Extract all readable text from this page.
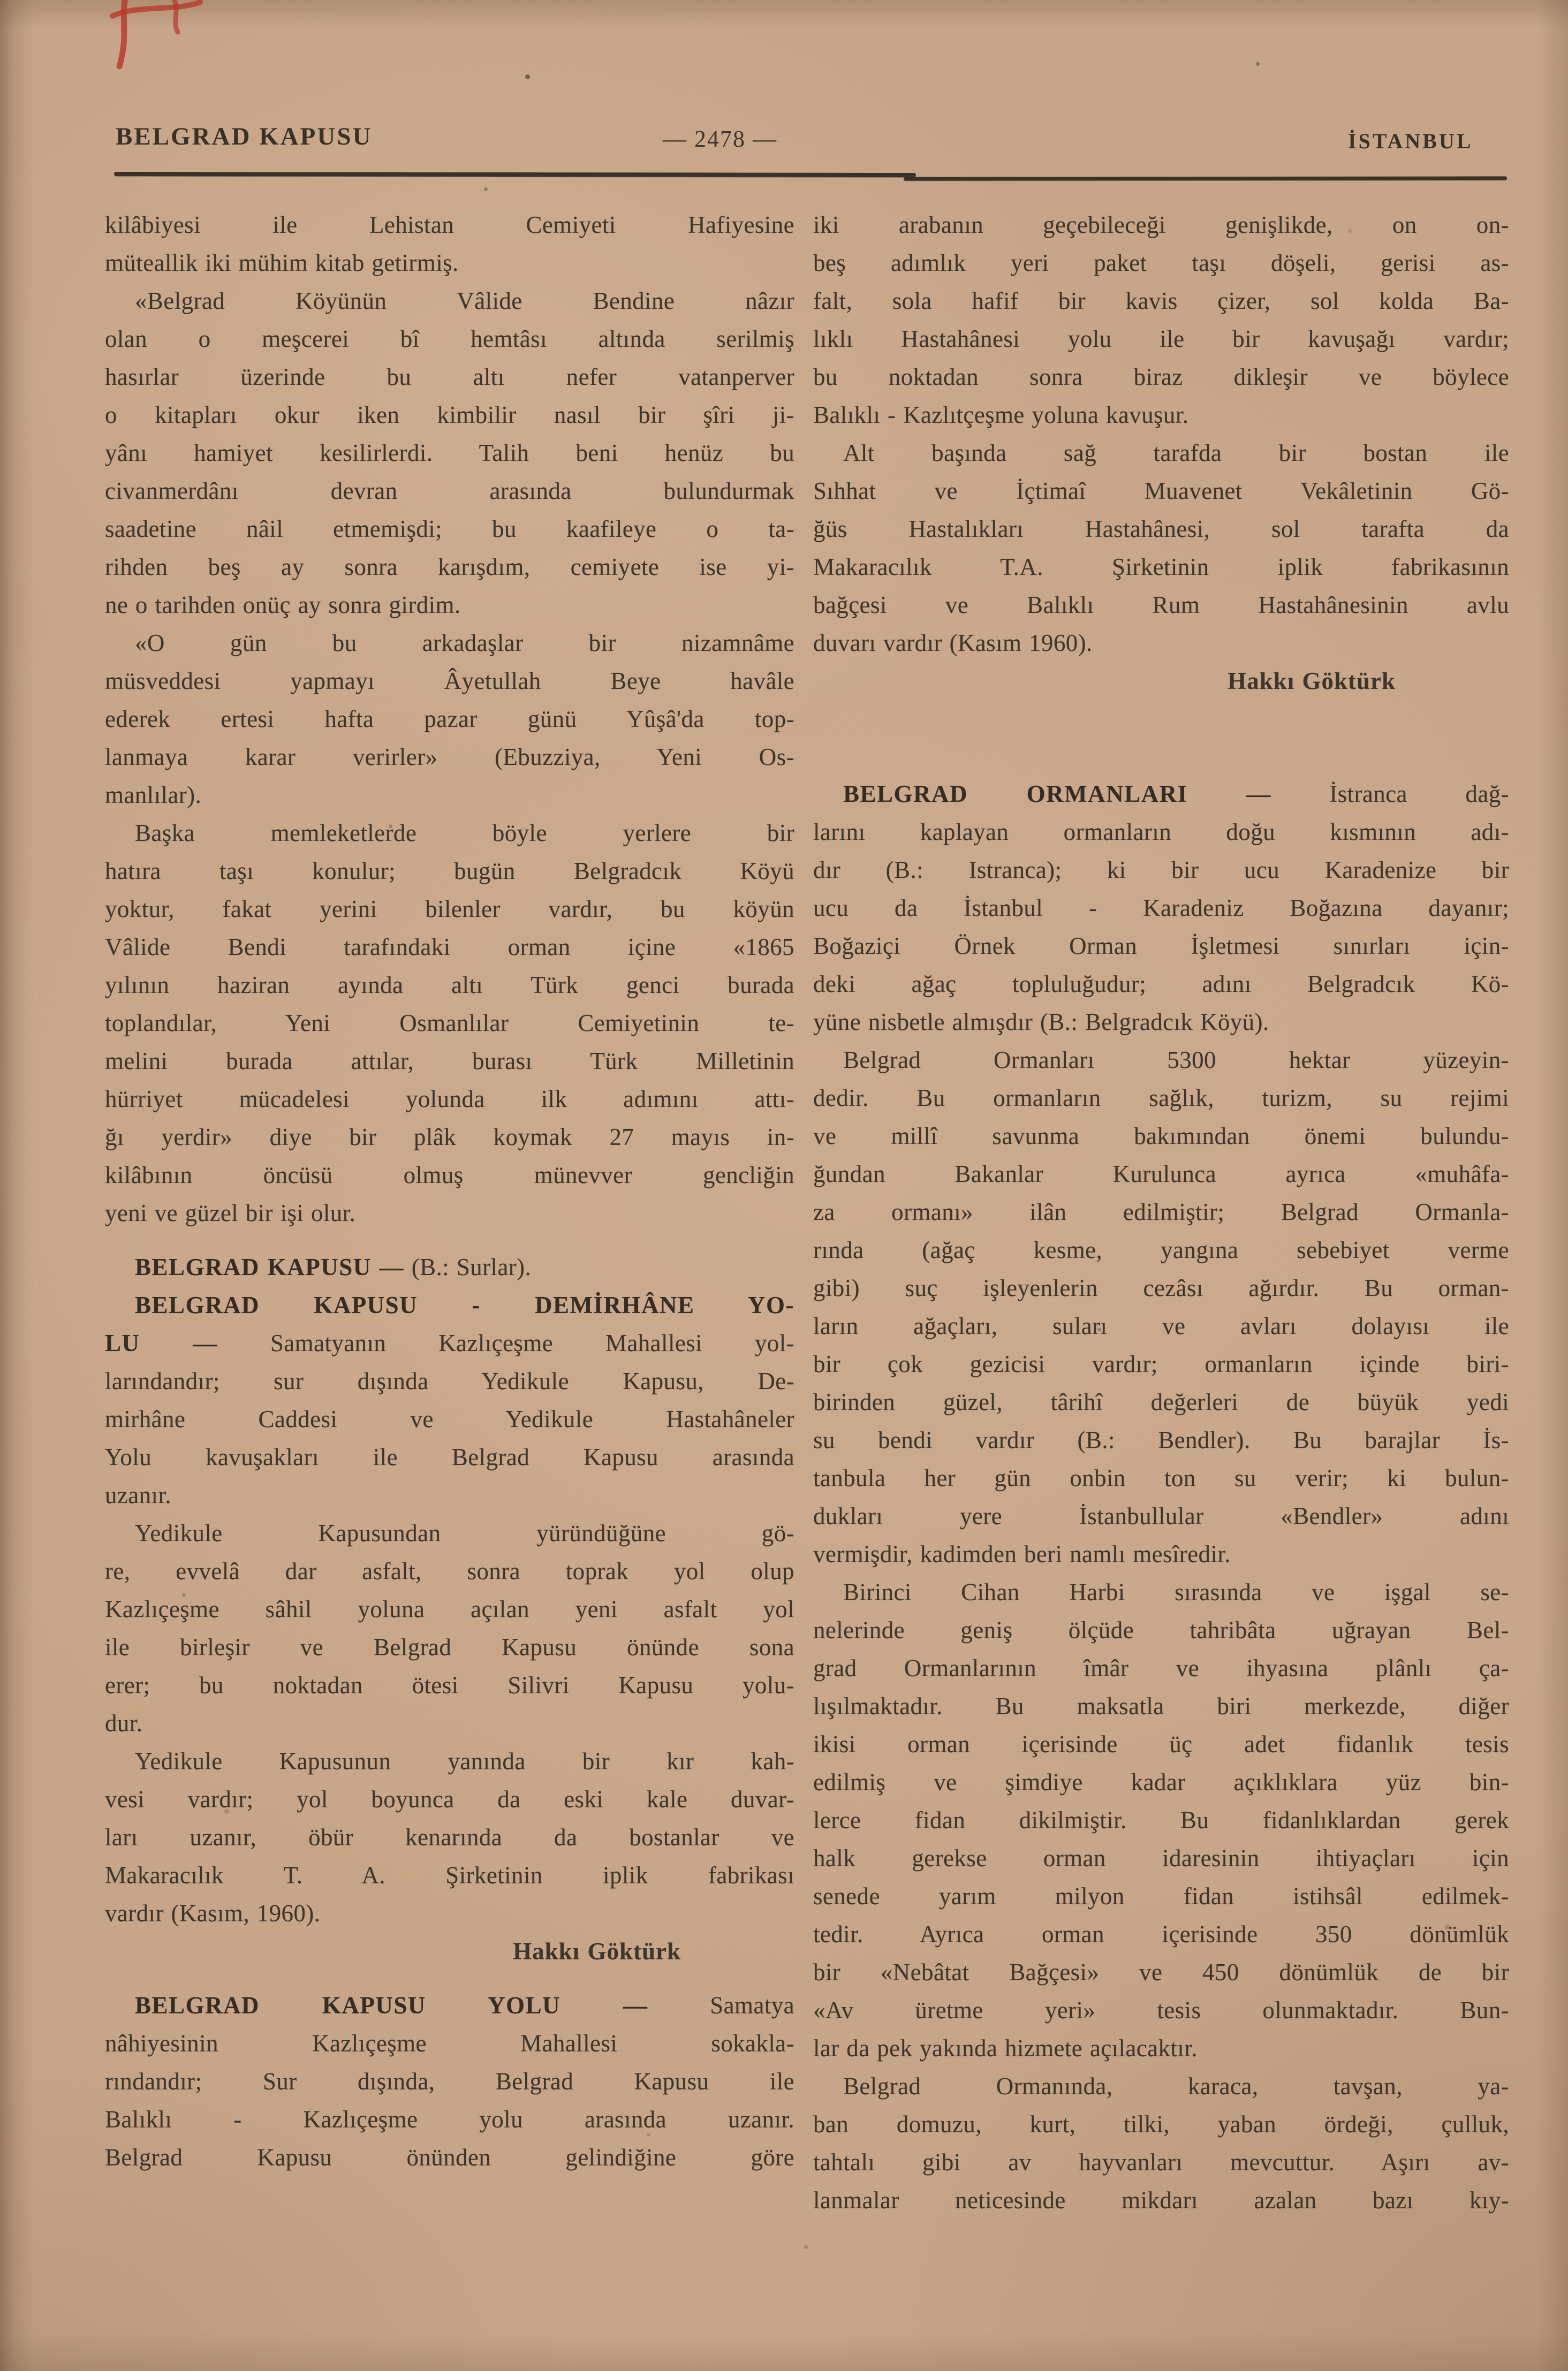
BELGRAD KAPUSU	— 2478 —	İSTANBUL
kilâbiyesi ile Lehistan Cemiyeti Hafiyesine
müteallik iki mühim kitab getirmiş.
«Belgrad Köyünün Vâlide Bendine nâzır
olan o meşcerei bî hemtâsı altında serilmiş
hasırlar üzerinde bu altı nefer vatanperver
o kitapları okur iken kimbilir nasıl bir şîri ji-
yânı hamiyet kesilirlerdi. Talih beni henüz bu
civanmerdânı devran arasında bulundurmak
saadetine nâil etmemişdi; bu kaafileye o ta-
rihden beş ay sonra karışdım, cemiyete ise yi-
ne o tarihden onüç ay sonra girdim.
«O gün bu arkadaşlar bir nizamnâme
müsveddesi yapmayı Âyetullah Beye havâle
ederek ertesi hafta pazar günü Yûşâ'da top-
lanmaya karar verirler» (Ebuzziya, Yeni Os-
manlılar).
Başka memleketlerde böyle yerlere bir
hatıra taşı konulur; bugün Belgradcık Köyü
yoktur, fakat yerini bilenler vardır, bu köyün
Vâlide Bendi tarafındaki orman içine «1865
yılının haziran ayında altı Türk genci burada
toplandılar, Yeni Osmanlılar Cemiyetinin te-
melini burada attılar, burası Türk Milletinin
hürriyet mücadelesi yolunda ilk adımını attı-
ğı yerdir» diye bir plâk koymak 27 mayıs in-
kilâbının öncüsü olmuş münevver gencliğin
yeni ve güzel bir işi olur.
BELGRAD KAPUSU — (B.: Surlar).
BELGRAD KAPUSU - DEMİRHÂNE YO-
LU — Samatyanın Kazlıçeşme Mahallesi yol-
larındandır; sur dışında Yedikule Kapusu, De-
mirhâne Caddesi ve Yedikule Hastahâneler
Yolu kavuşakları ile Belgrad Kapusu arasında
uzanır.
Yedikule Kapusundan yüründüğüne gö-
re, evvelâ dar asfalt, sonra toprak yol olup
Kazlıçeşme sâhil yoluna açılan yeni asfalt yol
ile birleşir ve Belgrad Kapusu önünde sona
erer; bu noktadan ötesi Silivri Kapusu yolu-
dur.
Yedikule Kapusunun yanında bir kır kah-
vesi vardır; yol boyunca da eski kale duvar-
ları uzanır, öbür kenarında da bostanlar ve
Makaracılık T. A. Şirketinin iplik fabrikası
vardır (Kasım, 1960).
Hakkı Göktürk
BELGRAD KAPUSU YOLU — Samatya
nâhiyesinin Kazlıçeşme Mahallesi sokakla-
rındandır; Sur dışında, Belgrad Kapusu ile
Balıklı - Kazlıçeşme yolu arasında uzanır.
Belgrad Kapusu önünden gelindiğine göre
iki arabanın geçebileceği genişlikde, on on-
beş adımlık yeri paket taşı döşeli, gerisi as-
falt, sola hafif bir kavis çizer, sol kolda Ba-
lıklı Hastahânesi yolu ile bir kavuşağı vardır;
bu noktadan sonra biraz dikleşir ve böylece
Balıklı - Kazlıtçeşme yoluna kavuşur.
Alt başında sağ tarafda bir bostan ile
Sıhhat ve İçtimaî Muavenet Vekâletinin Gö-
ğüs Hastalıkları Hastahânesi, sol tarafta da
Makaracılık T.A. Şirketinin iplik fabrikasının
bağçesi ve Balıklı Rum Hastahânesinin avlu
duvarı vardır (Kasım 1960).
Hakkı Göktürk
BELGRAD ORMANLARI — İstranca dağ-
larını kaplayan ormanların doğu kısmının adı-
dır (B.: Istranca); ki bir ucu Karadenize bir
ucu da İstanbul - Karadeniz Boğazına dayanır;
Boğaziçi Örnek Orman İşletmesi sınırları için-
deki ağaç topluluğudur; adını Belgradcık Kö-
yüne nisbetle almışdır (B.: Belgradcık Köyü).
Belgrad Ormanları 5300 hektar yüzeyin-
dedir. Bu ormanların sağlık, turizm, su rejimi
ve millî savunma bakımından önemi bulundu-
ğundan Bakanlar Kurulunca ayrıca «muhâfa-
za ormanı» ilân edilmiştir; Belgrad Ormanla-
rında (ağaç kesme, yangına sebebiyet verme
gibi) suç işleyenlerin cezâsı ağırdır. Bu orman-
ların ağaçları, suları ve avları dolayısı ile
bir çok gezicisi vardır; ormanların içinde biri-
birinden güzel, târihî değerleri de büyük yedi
su bendi vardır (B.: Bendler). Bu barajlar İs-
tanbula her gün onbin ton su verir; ki bulun-
dukları yere İstanbullular «Bendler» adını
vermişdir, kadimden beri namlı mesîredir.
Birinci Cihan Harbi sırasında ve işgal se-
nelerinde geniş ölçüde tahribâta uğrayan Bel-
grad Ormanlarının îmâr ve ihyasına plânlı ça-
lışılmaktadır. Bu maksatla biri merkezde, diğer
ikisi orman içerisinde üç adet fidanlık tesis
edilmiş ve şimdiye kadar açıklıklara yüz bin-
lerce fidan dikilmiştir. Bu fidanlıklardan gerek
halk gerekse orman idaresinin ihtiyaçları için
senede yarım milyon fidan istihsâl edilmek-
tedir. Ayrıca orman içerisinde 350 dönümlük
bir «Nebâtat Bağçesi» ve 450 dönümlük de bir
«Av üretme yeri» tesis olunmaktadır. Bun-
lar da pek yakında hizmete açılacaktır.
Belgrad Ormanında, karaca, tavşan, ya-
ban domuzu, kurt, tilki, yaban ördeği, çulluk,
tahtalı gibi av hayvanları mevcuttur. Aşırı av-
lanmalar neticesinde mikdarı azalan bazı kıy-
